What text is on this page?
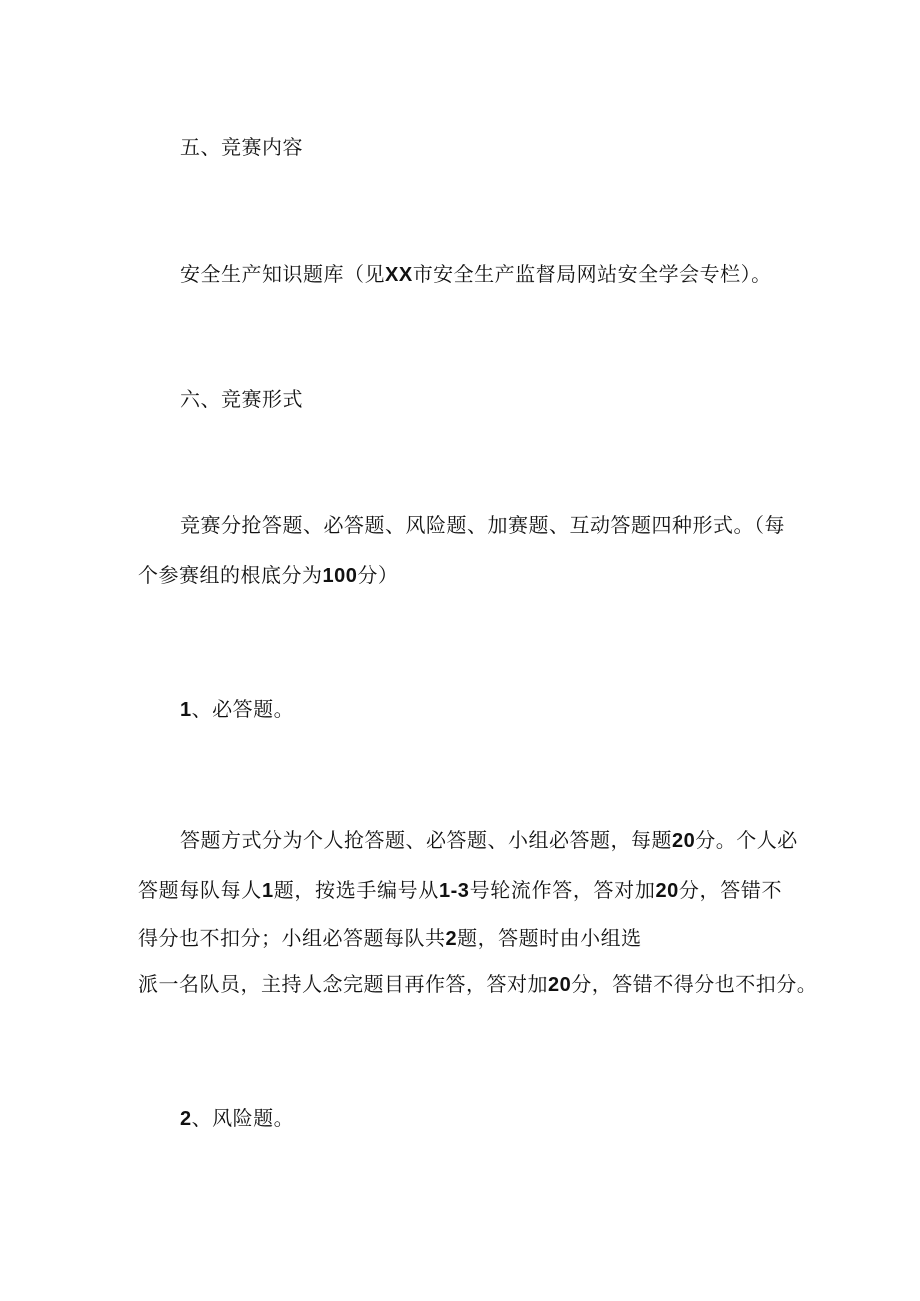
五、竞赛内容
安全生产知识题库（见XX市安全生产监督局网站安全学会专栏）。
六、竞赛形式
竞赛分抢答题、必答题、风险题、加赛题、互动答题四种形式。（每
个参赛组的根底分为100分）
1、必答题。
答题方式分为个人抢答题、必答题、小组必答题，每题20分。个人必
答题每队每人1题，按选手编号从1-3号轮流作答，答对加20分，答错不
得分也不扣分；小组必答题每队共2题，答题时由小组选
派一名队员，主持人念完题目再作答，答对加20分，答错不得分也不扣分。
2、风险题。
